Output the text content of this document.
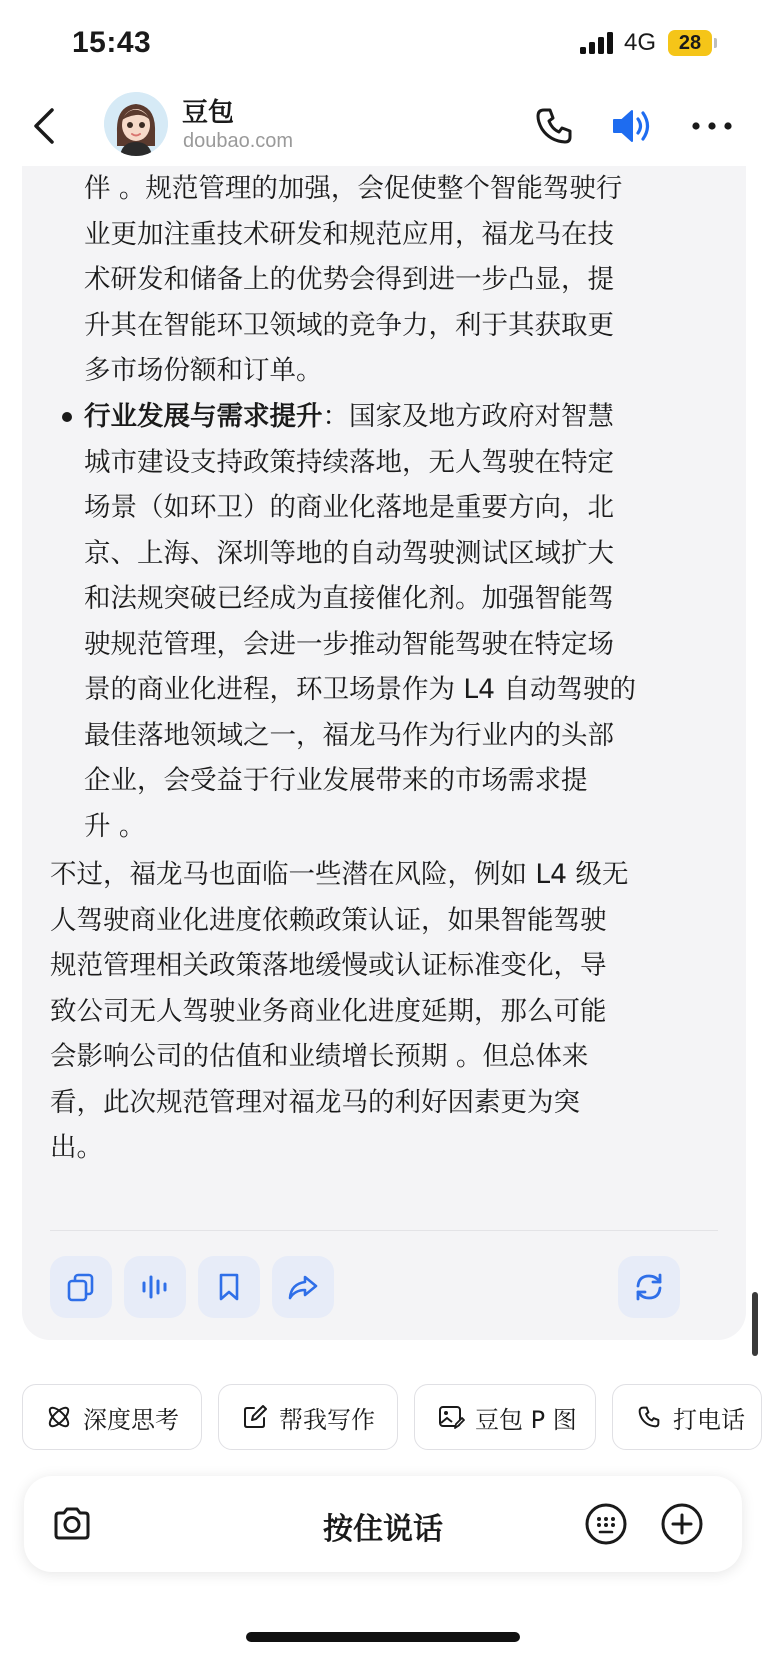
15:43	4G	28
豆包
doubao.com
伴 。规范管理的加强，会促使整个智能驾驶行
业更加注重技术研发和规范应用，福龙马在技
术研发和储备上的优势会得到进一步凸显，提
升其在智能环卫领域的竞争力，利于其获取更
多市场份额和订单。
行业发展与需求提升：国家及地方政府对智慧
城市建设支持政策持续落地，无人驾驶在特定
场景（如环卫）的商业化落地是重要方向，北
京、上海、深圳等地的自动驾驶测试区域扩大
和法规突破已经成为直接催化剂。加强智能驾
驶规范管理，会进一步推动智能驾驶在特定场
景的商业化进程，环卫场景作为 L4 自动驾驶的
最佳落地领域之一，福龙马作为行业内的头部
企业，会受益于行业发展带来的市场需求提
升 。
不过，福龙马也面临一些潜在风险，例如 L4 级无
人驾驶商业化进度依赖政策认证，如果智能驾驶
规范管理相关政策落地缓慢或认证标准变化，导
致公司无人驾驶业务商业化进度延期，那么可能
会影响公司的估值和业绩增长预期 。但总体来
看，此次规范管理对福龙马的利好因素更为突
出。
深度思考	帮我写作	豆包 P 图	打电话
按住说话
